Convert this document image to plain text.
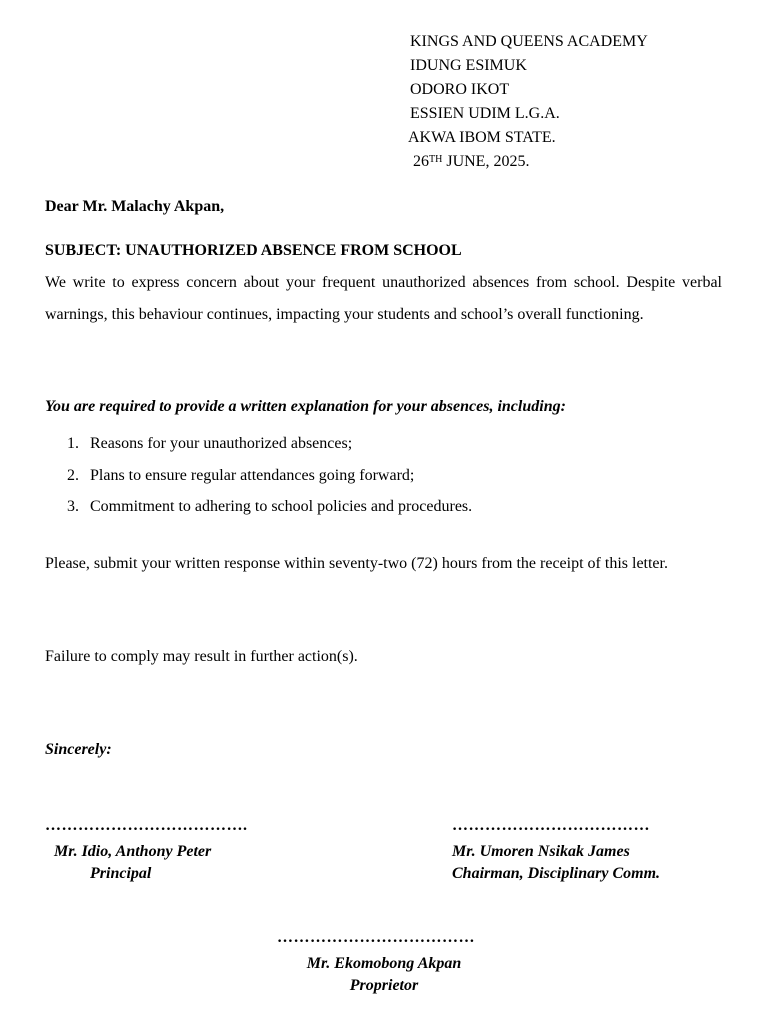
KINGS AND QUEENS ACADEMY
IDUNG ESIMUK
ODORO IKOT
ESSIEN UDIM L.G.A.
AKWA IBOM STATE.
26TH JUNE, 2025.
Dear Mr. Malachy Akpan,
SUBJECT: UNAUTHORIZED ABSENCE FROM SCHOOL
We write to express concern about your frequent unauthorized absences from school. Despite verbal warnings, this behaviour continues, impacting your students and school’s overall functioning.
You are required to provide a written explanation for your absences, including:
1. Reasons for your unauthorized absences;
2. Plans to ensure regular attendances going forward;
3. Commitment to adhering to school policies and procedures.
Please, submit your written response within seventy-two (72) hours from the receipt of this letter.
Failure to comply may result in further action(s).
Sincerely:
……………………………….
Mr. Idio, Anthony Peter
Principal
………………………………
Mr. Umoren Nsikak James
Chairman, Disciplinary Comm.
………………………………
Mr. Ekomobong Akpan
Proprietor
